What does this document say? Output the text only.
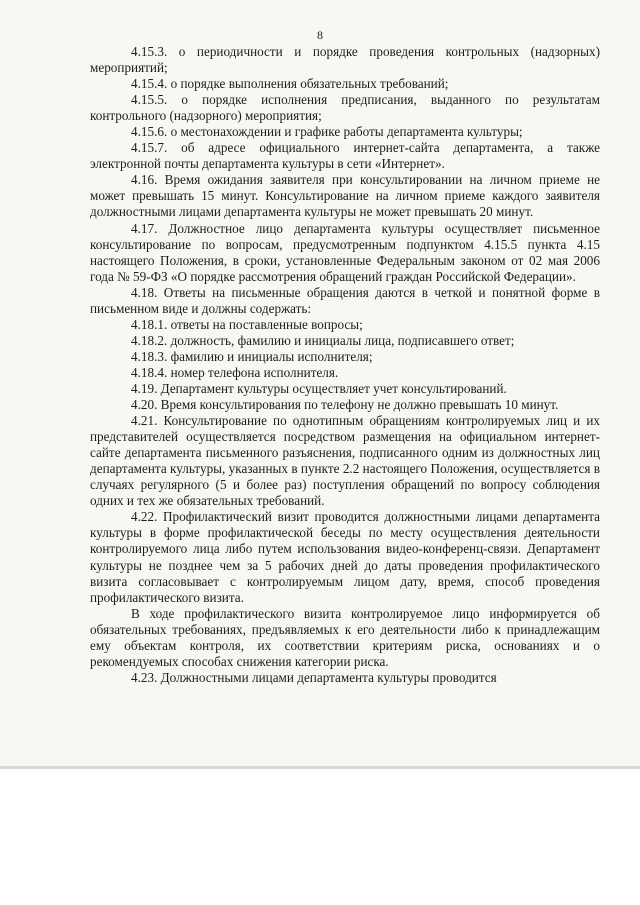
8

4.15.3. о периодичности и порядке проведения контрольных (надзорных) мероприятий;

4.15.4. о порядке выполнения обязательных требований;

4.15.5. о порядке исполнения предписания, выданного по результатам контрольного (надзорного) мероприятия;

4.15.6. о местонахождении и графике работы департамента культуры;

4.15.7. об адресе официального интернет-сайта департамента, а также электронной почты департамента культуры в сети «Интернет».

4.16. Время ожидания заявителя при консультировании на личном приеме не может превышать 15 минут. Консультирование на личном приеме каждого заявителя должностными лицами департамента культуры не может превышать 20 минут.

4.17. Должностное лицо департамента культуры осуществляет письменное консультирование по вопросам, предусмотренным подпунктом 4.15.5 пункта 4.15 настоящего Положения, в сроки, установленные Федеральным законом от 02 мая 2006 года № 59-ФЗ «О порядке рассмотрения обращений граждан Российской Федерации».

4.18. Ответы на письменные обращения даются в четкой и понятной форме в письменном виде и должны содержать:

4.18.1. ответы на поставленные вопросы;

4.18.2. должность, фамилию и инициалы лица, подписавшего ответ;

4.18.3. фамилию и инициалы исполнителя;

4.18.4. номер телефона исполнителя.

4.19. Департамент культуры осуществляет учет консультирований.

4.20. Время консультирования по телефону не должно превышать 10 минут.

4.21. Консультирование по однотипным обращениям контролируемых лиц и их представителей осуществляется посредством размещения на официальном интернет-сайте департамента письменного разъяснения, подписанного одним из должностных лиц департамента культуры, указанных в пункте 2.2 настоящего Положения, осуществляется в случаях регулярного (5 и более раз) поступления обращений по вопросу соблюдения одних и тех же обязательных требований.

4.22. Профилактический визит проводится должностными лицами департамента культуры в форме профилактической беседы по месту осуществления деятельности контролируемого лица либо путем использования видео-конференц-связи. Департамент культуры не позднее чем за 5 рабочих дней до даты проведения профилактического визита согласовывает с контролируемым лицом дату, время, способ проведения профилактического визита.

В ходе профилактического визита контролируемое лицо информируется об обязательных требованиях, предъявляемых к его деятельности либо к принадлежащим ему объектам контроля, их соответствии критериям риска, основаниях и о рекомендуемых способах снижения категории риска.

4.23. Должностными лицами департамента культуры проводится
